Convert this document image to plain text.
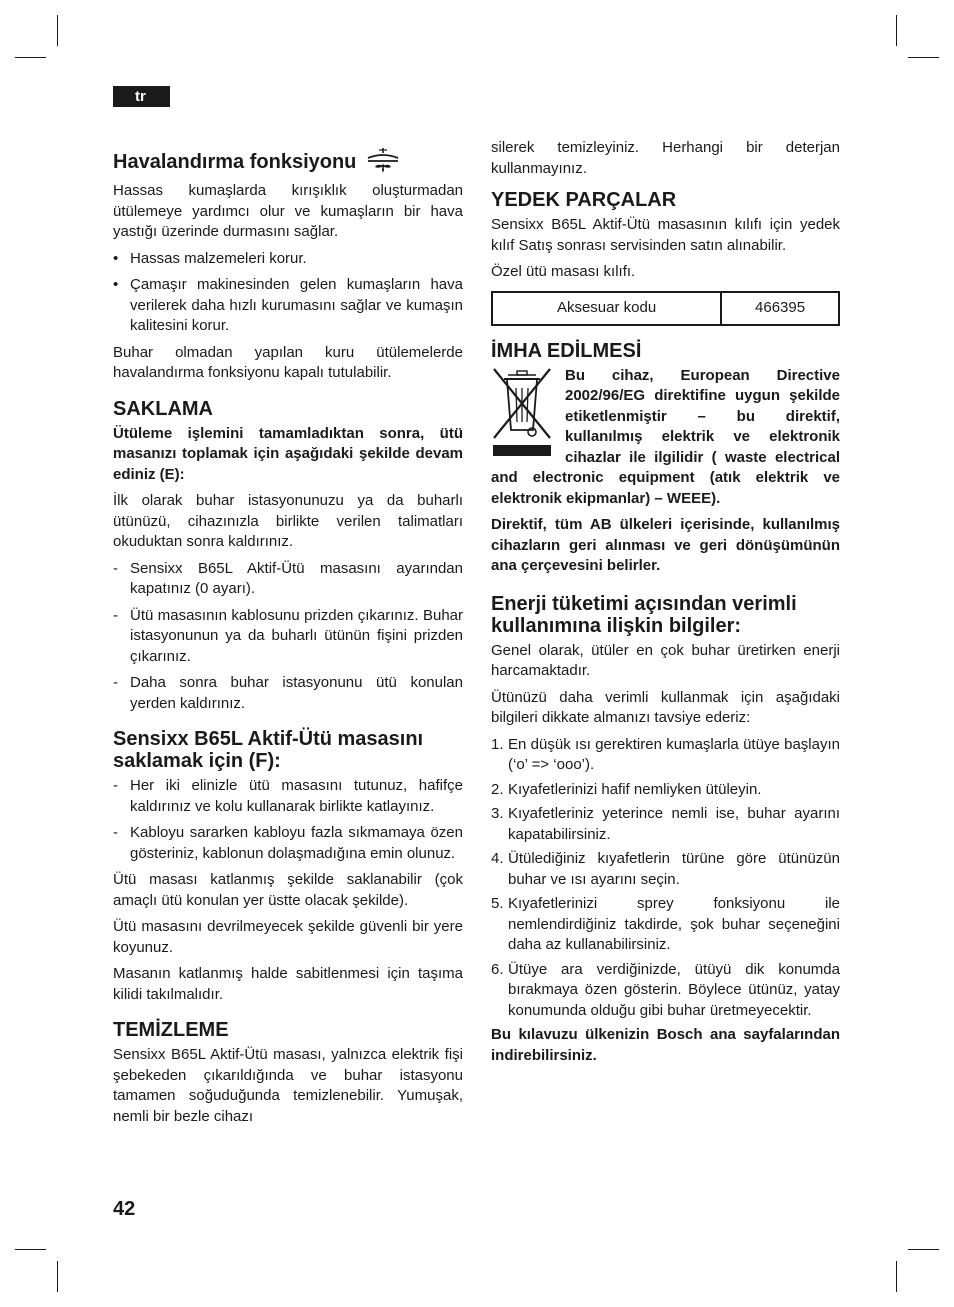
tr
Havalandırma fonksiyonu

Hassas kumaşlarda kırışıklık oluşturmadan ütülemeye yardımcı olur ve kumaşların bir hava yastığı üzerinde durmasını sağlar.

• Hassas malzemeleri korur.
• Çamaşır makinesinden gelen kumaşların hava verilerek daha hızlı kurumasını sağlar ve kumaşın kalitesini korur.

Buhar olmadan yapılan kuru ütülemelerde havalandırma fonksiyonu kapalı tutulabilir.

SAKLAMA

Ütüleme işlemini tamamladıktan sonra, ütü masanızı toplamak için aşağıdaki şekilde devam ediniz (E):

İlk olarak buhar istasyonunuzu ya da buharlı ütünüzü, cihazınızla birlikte verilen talimatları okuduktan sonra kaldırınız.

- Sensixx B65L Aktif-Ütü masasını ayarından kapatınız (0 ayarı).
- Ütü masasının kablosunu prizden çıkarınız. Buhar istasyonunun ya da buharlı ütünün fişini prizden çıkarınız.
- Daha sonra buhar istasyonunu ütü konulan yerden kaldırınız.
Sensixx B65L Aktif-Ütü masasını saklamak için (F):
- Her iki elinizle ütü masasını tutunuz, hafifçe kaldırınız ve kolu kullanarak birlikte katlayınız.
- Kabloyu sararken kabloyu fazla sıkmamaya özen gösteriniz, kablonun dolaşmadığına emin olunuz.

Ütü masası katlanmış şekilde saklanabilir (çok amaçlı ütü konulan yer üstte olacak şekilde).

Ütü masasını devrilmeyecek şekilde güvenli bir yere koyunuz.

Masanın katlanmış halde sabitlenmesi için taşıma kilidi takılmalıdır.

TEMİZLEME

Sensixx B65L Aktif-Ütü masası, yalnızca elektrik fişi şebekeden çıkarıldığında ve buhar istasyonu tamamen soğuduğunda temizlenebilir. Yumuşak, nemli bir bezle cihazı

silerek temizleyiniz. Herhangi bir deterjan kullanmayınız.

YEDEK PARÇALAR

Sensixx B65L Aktif-Ütü masasının kılıfı için yedek kılıf Satış sonrası servisinden satın alınabilir.

Özel ütü masası kılıfı.

Aksesuar kodu	466395
İMHA EDİLMESİ

Bu cihaz, European Directive 2002/96/EG direktifine uygun şekilde etiketlenmiştir – bu direktif, kullanılmış elektrik ve elektronik cihazlar ile ilgilidir ( waste electrical and electronic equipment (atık elektrik ve elektronik ekipmanlar) – WEEE).

Direktif, tüm AB ülkeleri içerisinde, kullanılmış cihazların geri alınması ve geri dönüşümünün ana çerçevesini belirler.

Enerji tüketimi açısından verimli kullanımına ilişkin bilgiler:

Genel olarak, ütüler en çok buhar üretirken enerji harcamaktadır.

Ütünüzü daha verimli kullanmak için aşağıdaki bilgileri dikkate almanızı tavsiye ederiz:

1. En düşük ısı gerektiren kumaşlarla ütüye başlayın (‘o’ => ‘ooo’).
2. Kıyafetlerinizi hafif nemliyken ütüleyin.
3. Kıyafetleriniz yeterince nemli ise, buhar ayarını kapatabilirsiniz.
4. Ütülediğiniz kıyafetlerin türüne göre ütünüzün buhar ve ısı ayarını seçin.
5. Kıyafetlerinizi sprey fonksiyonu ile nemlendirdiğiniz takdirde, şok buhar seçeneğini daha az kullanabilirsiniz.
6. Ütüye ara verdiğinizde, ütüyü dik konumda bırakmaya özen gösterin. Böylece ütünüz, yatay konumunda olduğu gibi buhar üretmeyecektir.

Bu kılavuzu ülkenizin Bosch ana sayfalarından indirebilirsiniz.

42
